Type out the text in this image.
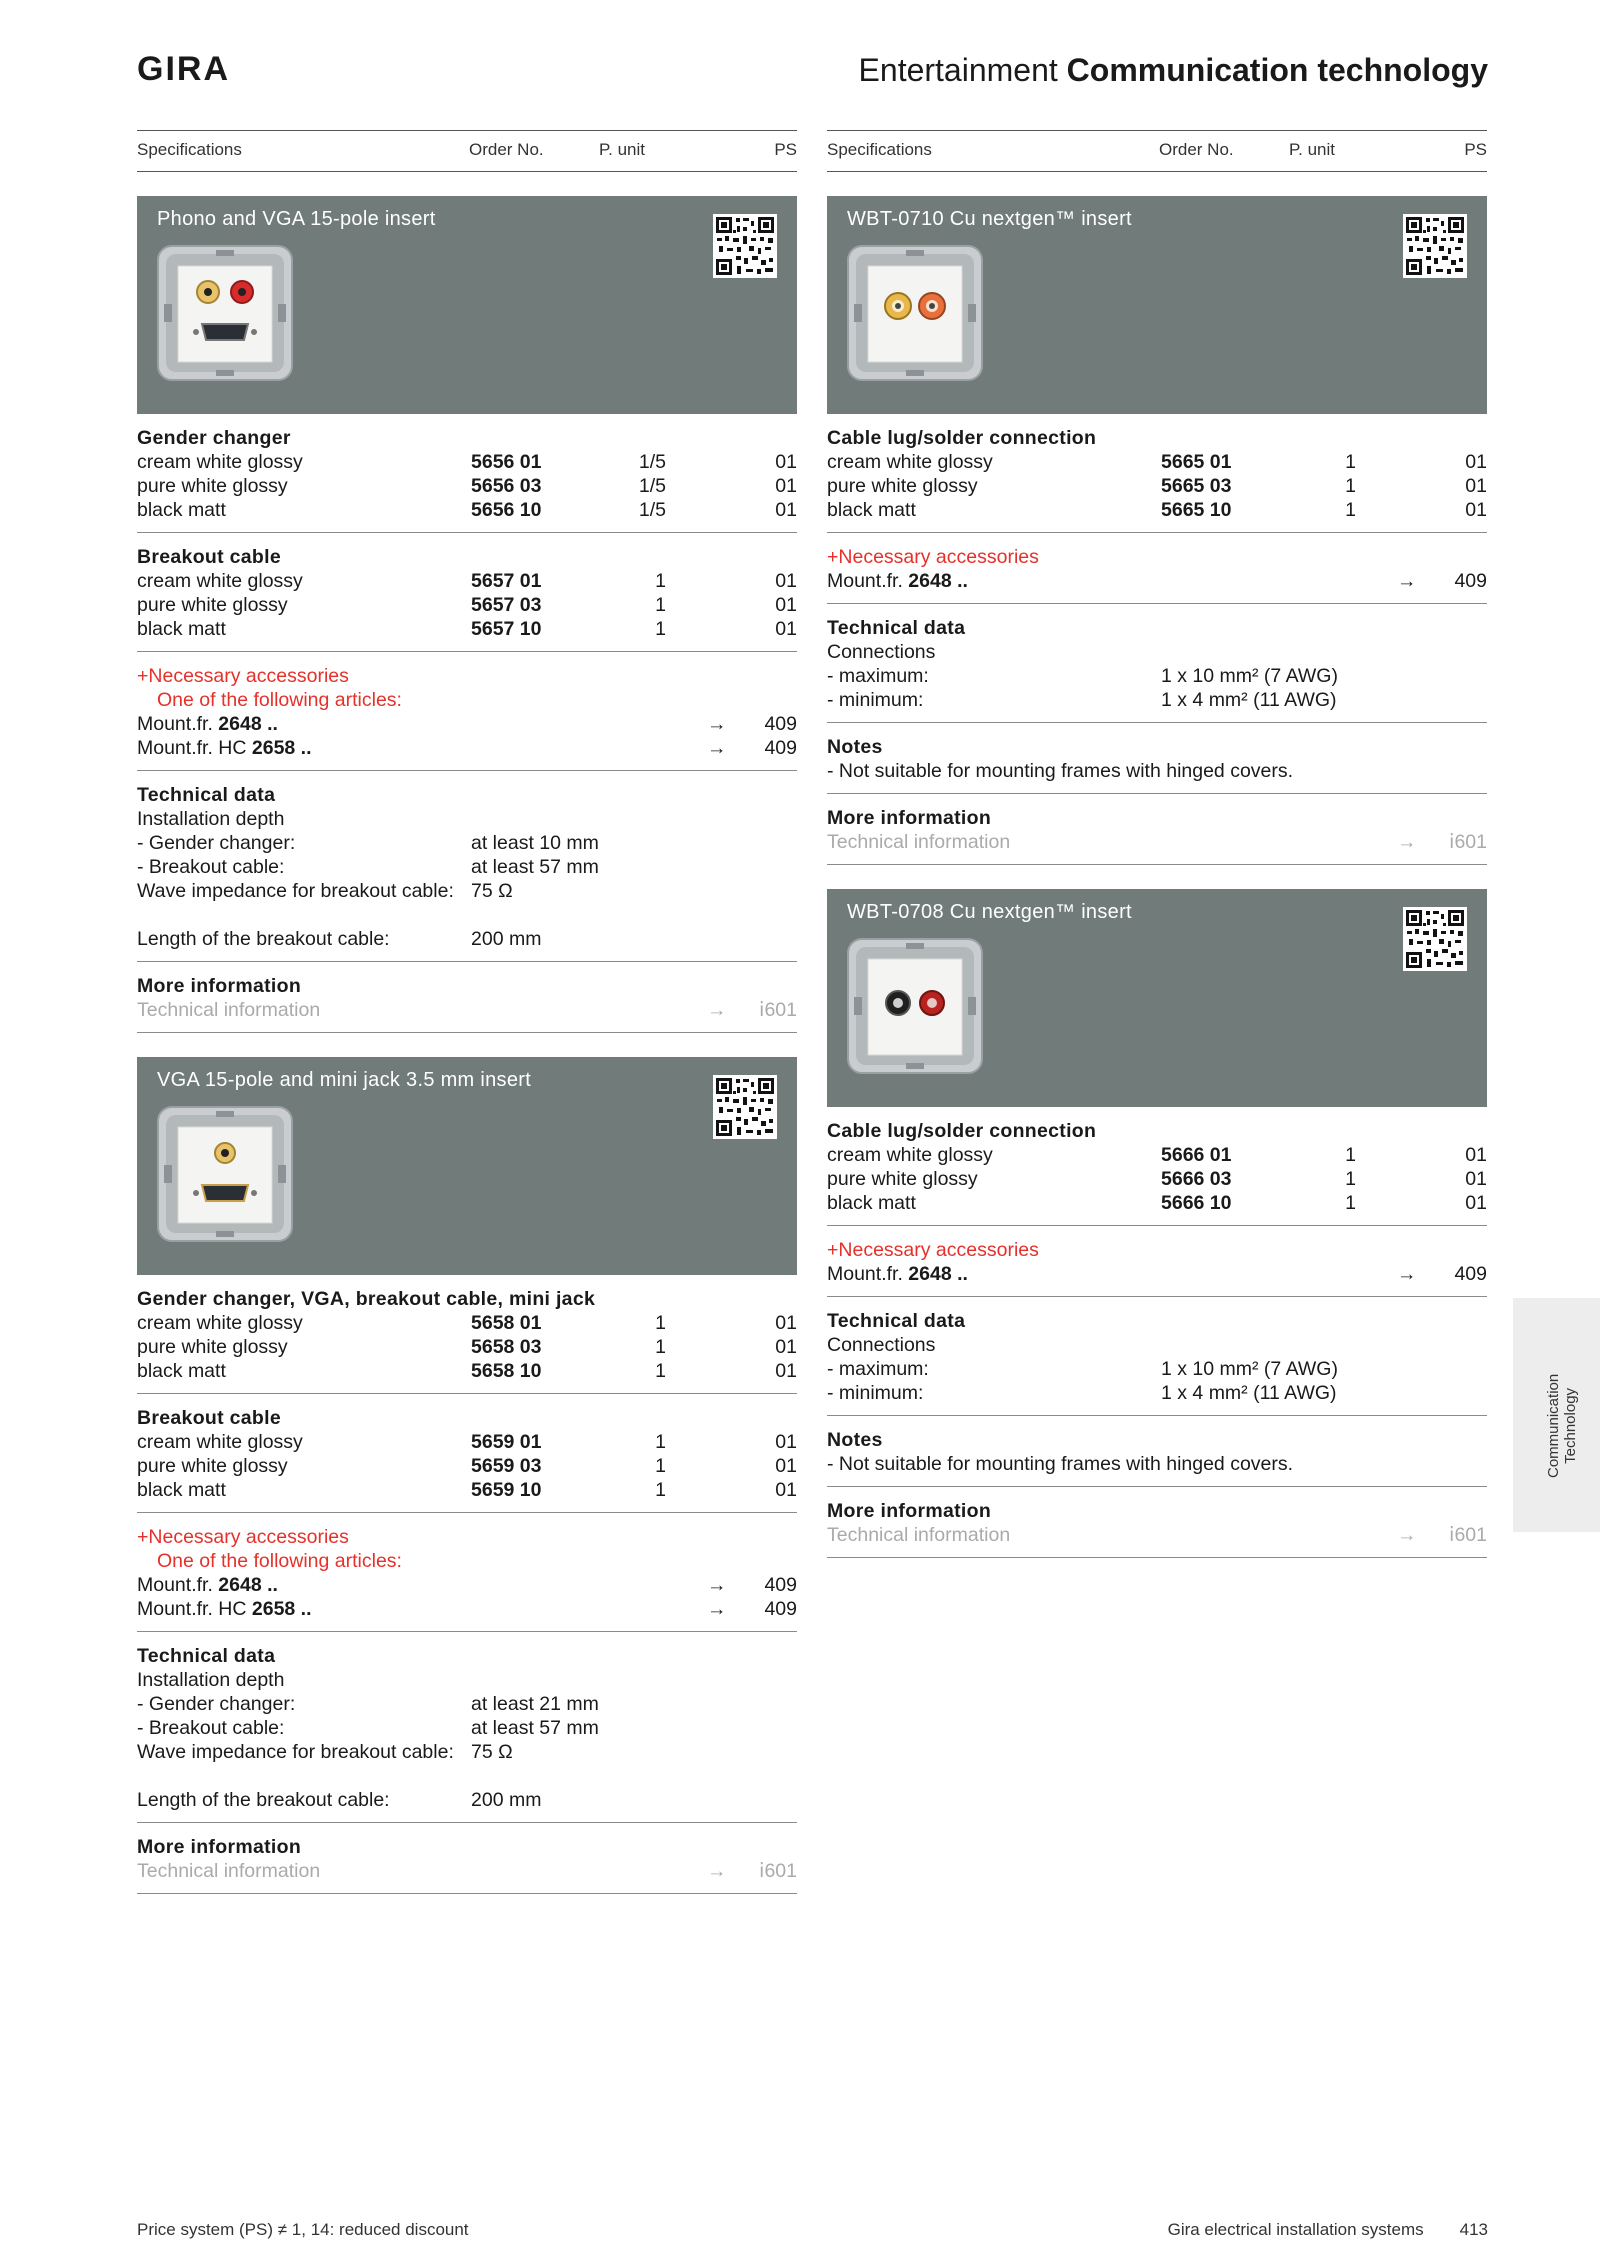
GIRA	Entertainment Communication technology
Specifications	Order No.	P. unit	PS
Phono and VGA 15-pole insert
Gender changer
cream white glossy	5656 01	1/5	01
pure white glossy	5656 03	1/5	01
black matt	5656 10	1/5	01
Breakout cable
cream white glossy	5657 01	1	01
pure white glossy	5657 03	1	01
black matt	5657 10	1	01
+Necessary accessories
One of the following articles:
Mount.fr. 2648 ..	→ 409
Mount.fr. HC 2658 ..	→ 409
Technical data
Installation depth
- Gender changer:	at least 10 mm
- Breakout cable:	at least 57 mm
Wave impedance for breakout cable: 75 Ω
Length of the breakout cable:	200 mm
More information
Technical information	→ ⅰ601
VGA 15-pole and mini jack 3.5 mm insert
Gender changer, VGA, breakout cable, mini jack
cream white glossy	5658 01	1	01
pure white glossy	5658 03	1	01
black matt	5658 10	1	01
Breakout cable
cream white glossy	5659 01	1	01
pure white glossy	5659 03	1	01
black matt	5659 10	1	01
+Necessary accessories
One of the following articles:
Mount.fr. 2648 ..	→ 409
Mount.fr. HC 2658 ..	→ 409
Technical data
Installation depth
- Gender changer:	at least 21 mm
- Breakout cable:	at least 57 mm
Wave impedance for breakout cable: 75 Ω
Length of the breakout cable:	200 mm
More information
Technical information	→ ⅰ601
Specifications	Order No.	P. unit	PS
WBT-0710 Cu nextgen™ insert
Cable lug/solder connection
cream white glossy	5665 01	1	01
pure white glossy	5665 03	1	01
black matt	5665 10	1	01
+Necessary accessories
Mount.fr. 2648 ..	→ 409
Technical data
Connections
- maximum:	1 x 10 mm² (7 AWG)
- minimum:	1 x 4 mm² (11 AWG)
Notes
- Not suitable for mounting frames with hinged covers.
More information
Technical information	→ ⅰ601
WBT-0708 Cu nextgen™ insert
Cable lug/solder connection
cream white glossy	5666 01	1	01
pure white glossy	5666 03	1	01
black matt	5666 10	1	01
+Necessary accessories
Mount.fr. 2648 ..	→ 409
Technical data
Connections
- maximum:	1 x 10 mm² (7 AWG)
- minimum:	1 x 4 mm² (11 AWG)
Notes
- Not suitable for mounting frames with hinged covers.
More information
Technical information	→ ⅰ601
Communication Technology
Price system (PS) ≠ 1, 14: reduced discount	Gira electrical installation systems 413
